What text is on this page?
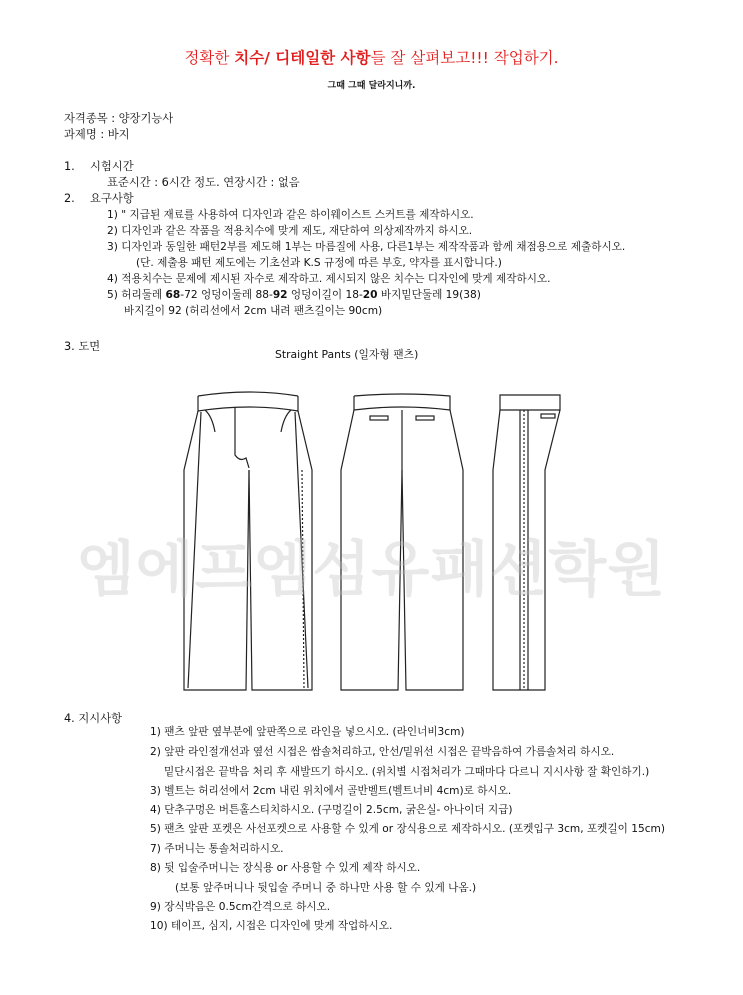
정확한 치수/ 디테일한 사항들 잘 살펴보고!!! 작업하기.
그때 그때 달라지니까.
자격종목 : 양장기능사
과제명 : 바지
1. 시험시간
표준시간 : 6시간 정도. 연장시간 : 없음
2. 요구사항
1) " 지급된 재료를 사용하여 디자인과 같은 하이웨이스트 스커트를 제작하시오.
2) 디자인과 같은 작품을 적용치수에 맞게 제도, 재단하여 의상제작까지 하시오.
3) 디자인과 동일한 패턴2부를 제도해 1부는 마름질에 사용, 다른1부는 제작작품과 함께 채점용으로 제출하시오.
(단. 제출용 패턴 제도에는 기초선과 K.S 규정에 따른 부호, 약자를 표시합니다.)
4) 적용치수는 문제에 제시된 자수로 제작하고. 제시되지 않은 치수는 디자인에 맞게 제작하시오.
5) 허리둘레 68-72 엉덩이둘레 88-92 엉덩이길이 18-20 바지밑단둘레 19(38)
바지길이 92 (허리선에서 2cm 내려 팬츠길이는 90cm)
3. 도면
Straight Pants (일자형 팬츠)
엠에프엠섬유패션학원
4. 지시사항
1) 팬츠 앞판 옆부분에 앞판쪽으로 라인을 넣으시오. (라인너비3cm)
2) 앞판 라인절개선과 옆선 시접은 쌈솔처리하고, 안선/밑위선 시접은 끝박음하여 가름솔처리 하시오.
밑단시접은 끝박음 처리 후 새발뜨기 하시오. (위치별 시접처리가 그때마다 다르니 지시사항 잘 확인하기.)
3) 벨트는 허리선에서 2cm 내린 위치에서 골반벨트(벨트너비 4cm)로 하시오.
4) 단추구멍은 버튼홀스티치하시오. (구멍길이 2.5cm, 굵은실- 아나이더 지급)
5) 팬츠 앞판 포켓은 사선포켓으로 사용할 수 있게 or 장식용으로 제작하시오. (포켓입구 3cm, 포켓길이 15cm)
7) 주머니는 통솔처리하시오.
8) 뒷 입술주머니는 장식용 or 사용할 수 있게 제작 하시오.
(보통 앞주머니나 뒷입술 주머니 중 하나만 사용 할 수 있게 나옴.)
9) 장식박음은 0.5cm간격으로 하시오.
10) 테이프, 심지, 시접은 디자인에 맞게 작업하시오.
